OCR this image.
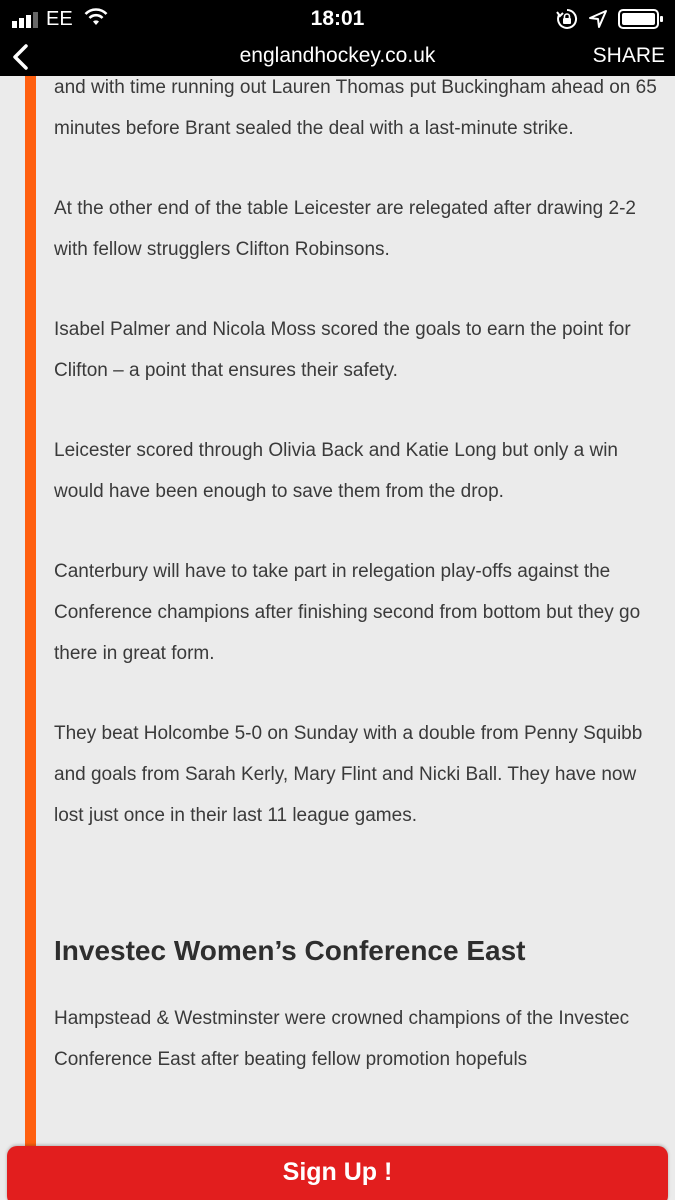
EE	18:01
englandhockey.co.uk	SHARE

and with time running out Lauren Thomas put Buckingham ahead on 65 minutes before Brant sealed the deal with a last-minute strike.

At the other end of the table Leicester are relegated after drawing 2-2 with fellow strugglers Clifton Robinsons.

Isabel Palmer and Nicola Moss scored the goals to earn the point for Clifton – a point that ensures their safety.

Leicester scored through Olivia Back and Katie Long but only a win would have been enough to save them from the drop.

Canterbury will have to take part in relegation play-offs against the Conference champions after finishing second from bottom but they go there in great form.

They beat Holcombe 5-0 on Sunday with a double from Penny Squibb and goals from Sarah Kerly, Mary Flint and Nicki Ball. They have now lost just once in their last 11 league games.

Investec Women’s Conference East

Hampstead & Westminster were crowned champions of the Investec Conference East after beating fellow promotion hopefuls

Sign Up !
